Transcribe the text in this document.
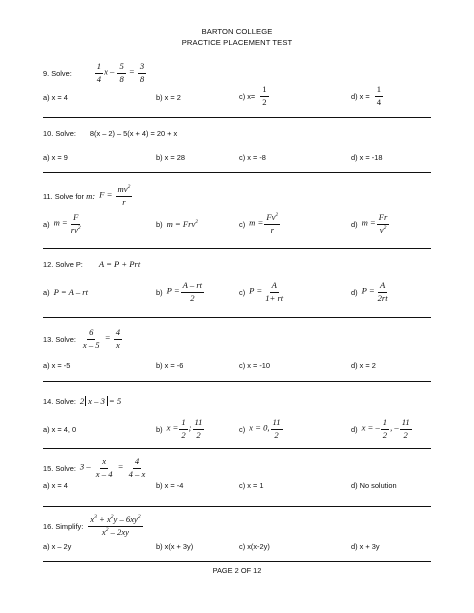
BARTON COLLEGE
PRACTICE PLACEMENT TEST
9. Solve:	$\frac{1}{4}$ $x - \frac{5}{8} = \frac{3}{8}$
a) x = 4	b) x = 2	c) $x= \frac{1}{2}$	d) $x = \frac{1}{4}$
10. Solve: 8(x – 2) – 5(x + 4) = 20 + x
a) x = 9	b) x = 28	c) x = -8	d) x = -18
11. Solve for m: $F = \frac{mv^2}{r}$
a) $m = \frac{F}{rv^2}$	b) m = Frv$^2$	c) $m = \frac{Fv^2}{r}$	d) $m = \frac{Fr}{v^2}$
12. Solve P: A = P + Prt
a) P = A – rt	b) $P = \frac{A - rt}{2}$	c) $P = \frac{A}{1+ rt}$	d) $P = \frac{A}{2rt}$
13. Solve: $\frac{6}{x - 5} = \frac{4}{x}$
a) x = -5	b) x = -6	c) x = -10	d) x = 2
14. Solve: 2 x – 3 = 5
a) x = 4, 0	b) $x = \frac{1}{2}$ ; $\frac{11}{2}$	c) x = 0, $\frac{11}{2}$	d) x = – $\frac{1}{2}$ , – $\frac{11}{2}$
15. Solve: $3 - \frac{x}{x - 4} = \frac{4}{4 - x}$
a) x = 4	b) x = -4	c) x = 1	d) No solution
16. Simplify: $\frac{x^3 + x^2y - 6xy^2}{x^2 - 2xy}$
a) x – 2y	b) x(x + 3y)	c) x(x-2y)	d) x + 3y
PAGE 2 OF 12
